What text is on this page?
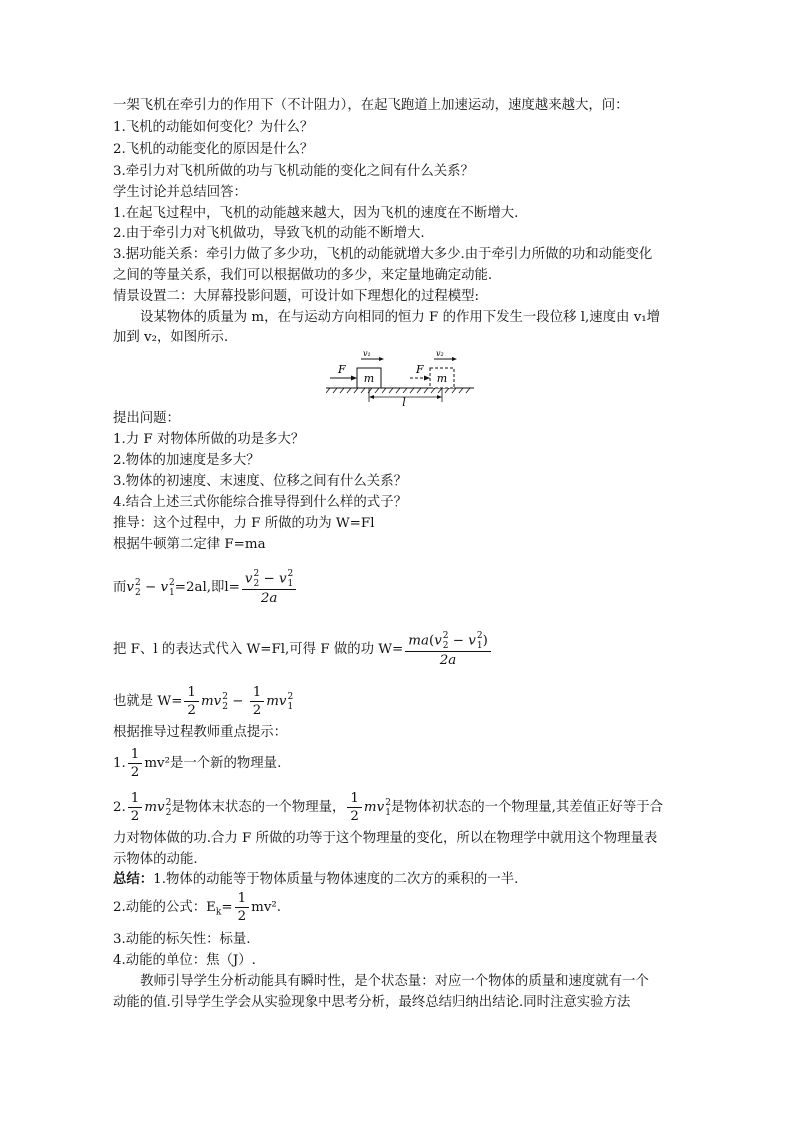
一架飞机在牵引力的作用下（不计阻力），在起飞跑道上加速运动，速度越来越大，问：
1.飞机的动能如何变化？为什么？
2.飞机的动能变化的原因是什么？
3.牵引力对飞机所做的功与飞机动能的变化之间有什么关系？
学生讨论并总结回答：
1.在起飞过程中，飞机的动能越来越大，因为飞机的速度在不断增大.
2.由于牵引力对飞机做功，导致飞机的动能不断增大.
3.据功能关系：牵引力做了多少功，飞机的动能就增大多少.由于牵引力所做的功和动能变化
之间的等量关系，我们可以根据做功的多少，来定量地确定动能.
情景设置二：大屏幕投影问题，可设计如下理想化的过程模型:
设某物体的质量为 m，在与运动方向相同的恒力 F 的作用下发生一段位移 l,速度由 v₁增
加到 v₂，如图所示.
m
F
v₁
m
F
v₂
l
提出问题：
1.力 F 对物体所做的功是多大？
2.物体的加速度是多大？
3.物体的初速度、末速度、位移之间有什么关系？
4.结合上述三式你能综合推导得到什么样的式子？
推导：这个过程中，力 F 所做的功为 W=Fl
根据牛顿第二定律 F=ma
而v 2
2 − v 2
1 =2al,即l= v 2
2 − v 2
1
2a
把 F、l 的表达式代入 W=Fl,可得 F 做的功 W= ma(v 2
2 − v 2
1 )
2a
也就是 $W= \frac{1}{2}$ mv 2
$2 - \frac{1}{2}$ mv 2
1
根据推导过程教师重点提示：
1. $\frac{1}{2} mv^2$是一个新的物理量.
2. $\frac{1}{2}$ mv 2
2 是物体末状态的一个物理量， $\frac{1}{2}$ mv 2
1 是物体初状态的一个物理量,其差值正好等于合
力对物体做的功.合力 F 所做的功等于这个物理量的变化，所以在物理学中就用这个物理量表
示物体的动能.
总结：1.物体的动能等于物体质量与物体速度的二次方的乘积的一半.
2.动能的公式：$E_k= \frac{1}{2} mv^2$.
3.动能的标矢性：标量.
4.动能的单位：焦（J）.
教师引导学生分析动能具有瞬时性，是个状态量：对应一个物体的质量和速度就有一个
动能的值.引导学生学会从实验现象中思考分析，最终总结归纳出结论.同时注意实验方法
